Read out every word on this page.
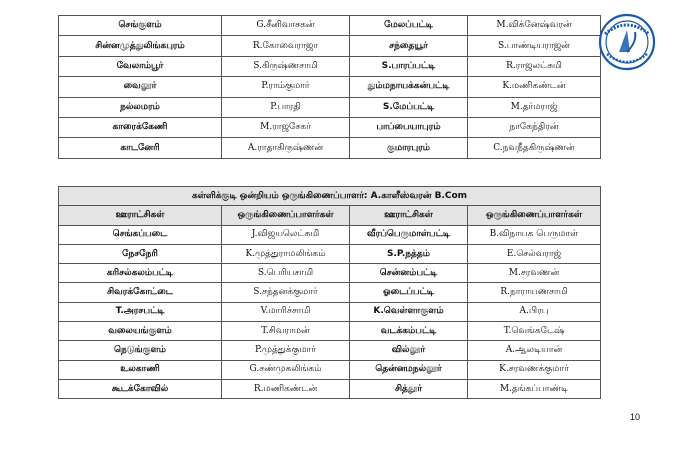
செங்குளம்	G.சீனிவாசகன்	மேலப்பட்டி	M.விக்னேஷ்வரன்
சின்னமுத்துலிங்கபுரம்	R.கோவைராஜா	சந்தையூர்	S.பாண்டியராஜன்
வேலாம்பூர்	S.கிருஷ்ணசாமி	S.பாரப்பட்டி	R.ராஜலட்சுமி
வைலூர்	P.ராம்குமார்	தும்மநாயக்கன்பட்டி	K.மணிகண்டன்
நல்லமரம்	P.பாரதி	S.மேப்பட்டி	M.தர்மராஜ்
காரைக்கேணி	M.ராஜசேகர்	பாப்பையாபுரம்	நாகேந்திரன்
காடனேரி	A.ராதாகிருஷ்ணன்	குமாரபுரம்	C.நவநீதகிருஷ்ணன்
கள்ளிக்குடி ஒன்றியம் ஒருங்கிணைப்பாளர்: A.காளீஸ்வரன் B.Com			
ஊராட்சிகள்	ஒருங்கிணைப்பாளர்கள்	ஊராட்சிகள்	ஒருங்கிணைப்பாளர்கள்
செங்கப்படை	J.விஜயலெட்சுமி	வீரப்பெருமாள்பட்டி	B.விநாயக பெருமாள்
நேசநேரி	K.முத்துராமலிங்கம்	S.P.நத்தம்	E.செல்வராஜ்
கரிசல்கலம்பட்டி	S.பெரியசாமி	சென்னம்பட்டி	M.சரவணன்
சிவரக்கோட்டை	S.சந்தனக்குமார்	ஓடைப்பட்டி	R.நாராயணசாமி
T.அரசபட்டி	V.மாரிச்சாமி	K.வெள்ளாகுளம்	A.பிரபு
வலையங்குளம்	T.சிவராமன்	வடக்கம்பட்டி	T.வெங்கடேஷ்
நெடுங்குளம்	P.முத்துக்குமார்	வில்லூர்	A.ஆலடியான்
உலகாணி	G.சண்முகலிங்கம்	தென்னமநல்லூர்	K.சரவணக்குமார்
கூடக்கோவில்	R.மணிகண்டன்	சித்தூர்	M.தங்கப்பாண்டி
10
